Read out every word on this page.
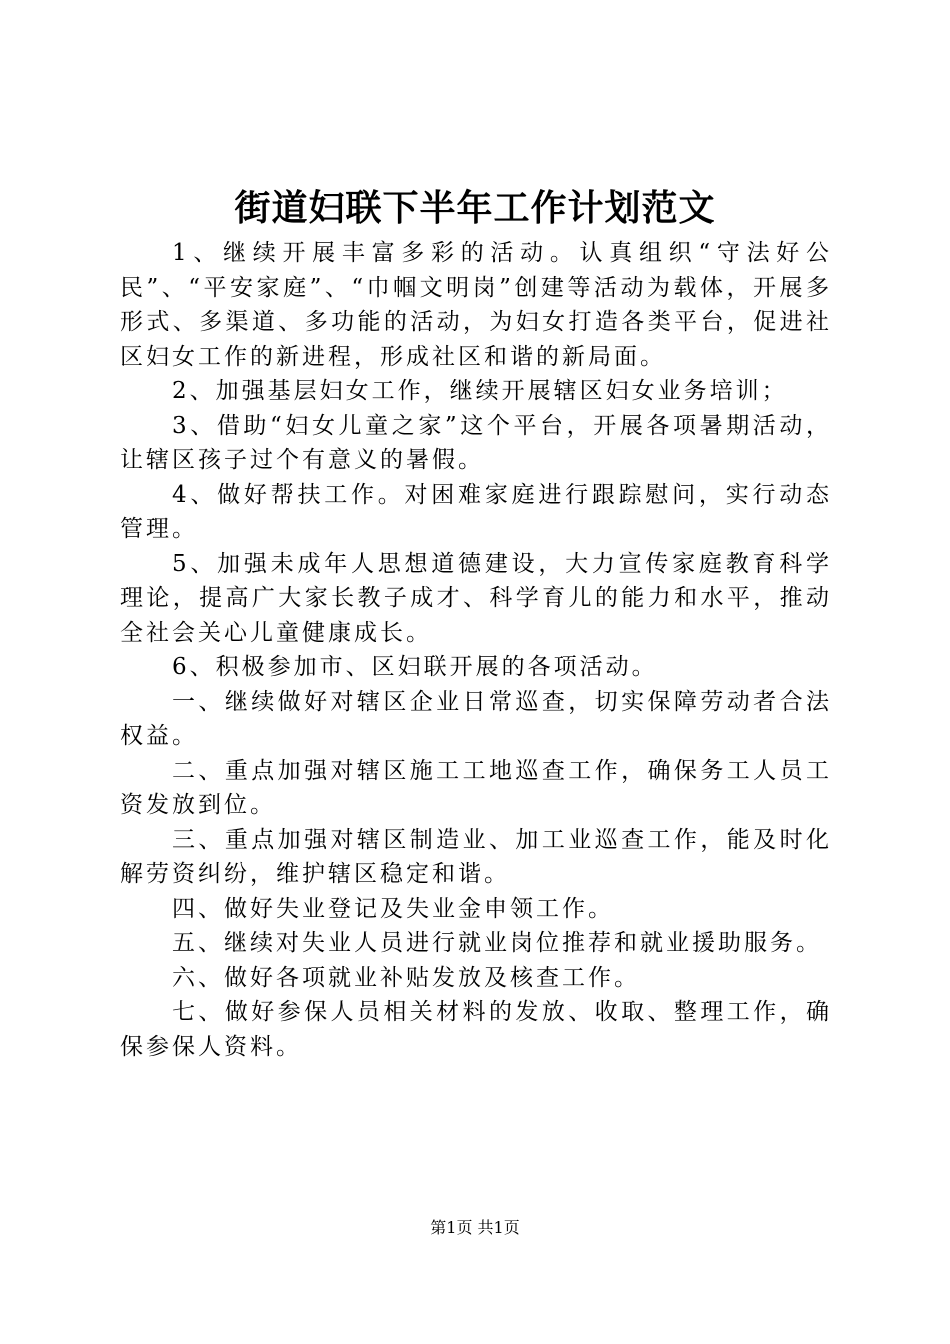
街道妇联下半年工作计划范文

1、继续开展丰富多彩的活动。认真组织“守法好公民”、“平安家庭”、“巾帼文明岗”创建等活动为载体，开展多形式、多渠道、多功能的活动，为妇女打造各类平台，促进社区妇女工作的新进程，形成社区和谐的新局面。

2、加强基层妇女工作，继续开展辖区妇女业务培训；

3、借助“妇女儿童之家”这个平台，开展各项暑期活动，让辖区孩子过个有意义的暑假。

4、做好帮扶工作。对困难家庭进行跟踪慰问，实行动态管理。

5、加强未成年人思想道德建设，大力宣传家庭教育科学理论，提高广大家长教子成才、科学育儿的能力和水平，推动全社会关心儿童健康成长。

6、积极参加市、区妇联开展的各项活动。

一、继续做好对辖区企业日常巡查，切实保障劳动者合法权益。

二、重点加强对辖区施工工地巡查工作，确保务工人员工资发放到位。

三、重点加强对辖区制造业、加工业巡查工作，能及时化解劳资纠纷，维护辖区稳定和谐。

四、做好失业登记及失业金申领工作。

五、继续对失业人员进行就业岗位推荐和就业援助服务。

六、做好各项就业补贴发放及核查工作。

七、做好参保人员相关材料的发放、收取、整理工作，确保参保人资料。

第1页 共1页
